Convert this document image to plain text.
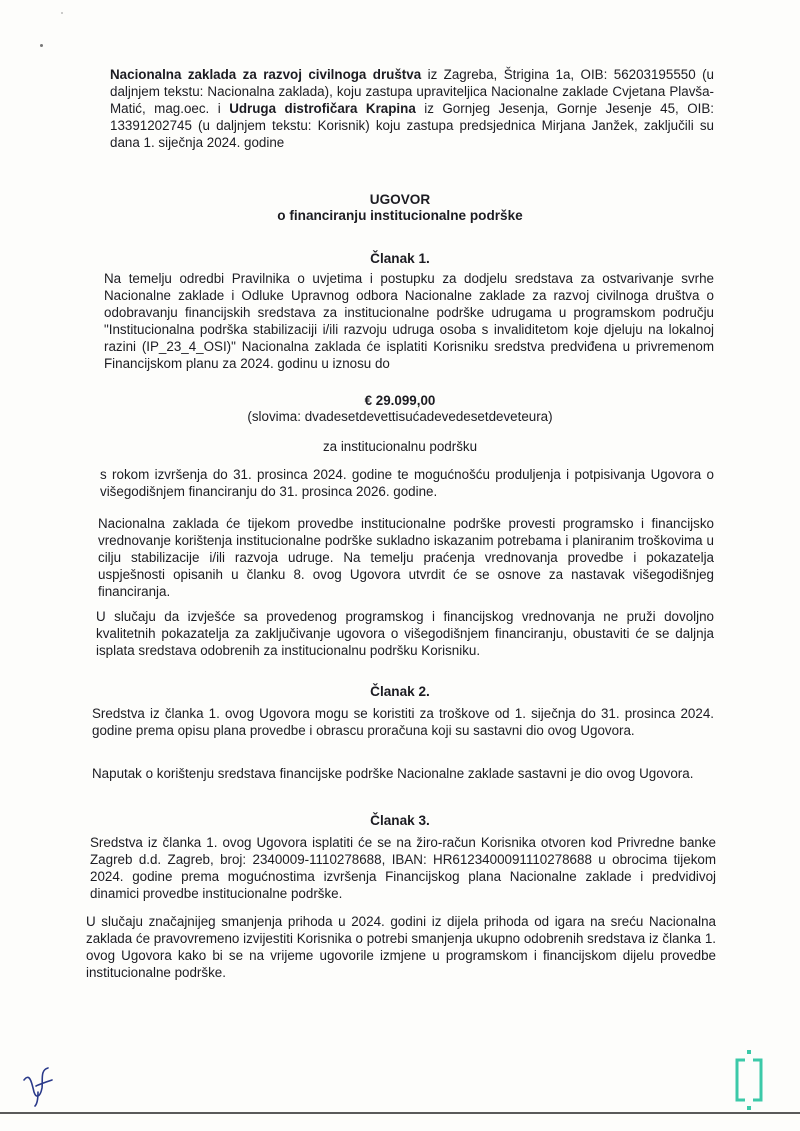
Nacionalna zaklada za razvoj civilnoga društva iz Zagreba, Štrigina 1a, OIB: 56203195550 (u daljnjem tekstu: Nacionalna zaklada), koju zastupa upraviteljica Nacionalne zaklade Cvjetana Plavša-Matić, mag.oec. i Udruga distrofičara Krapina iz Gornjeg Jesenja, Gornje Jesenje 45, OIB: 13391202745 (u daljnjem tekstu: Korisnik) koju zastupa predsjednica Mirjana Janžek, zaključili su dana 1. siječnja 2024. godine

UGOVOR

o financiranju institucionalne podrške

Članak 1.

Na temelju odredbi Pravilnika o uvjetima i postupku za dodjelu sredstava za ostvarivanje svrhe Nacionalne zaklade i Odluke Upravnog odbora Nacionalne zaklade za razvoj civilnoga društva o odobravanju financijskih sredstava za institucionalne podrške udrugama u programskom području "Institucionalna podrška stabilizaciji i/ili razvoju udruga osoba s invaliditetom koje djeluju na lokalnoj razini (IP_23_4_OSI)" Nacionalna zaklada će isplatiti Korisniku sredstva predviđena u privremenom Financijskom planu za 2024. godinu u iznosu do

€ 29.099,00

(slovima: dvadesetdevettisućadevedesetdeveteura)

za institucionalnu podršku

s rokom izvršenja do 31. prosinca 2024. godine te mogućnošću produljenja i potpisivanja Ugovora o višegodišnjem financiranju do 31. prosinca 2026. godine.

Nacionalna zaklada će tijekom provedbe institucionalne podrške provesti programsko i financijsko vrednovanje korištenja institucionalne podrške sukladno iskazanim potrebama i planiranim troškovima u cilju stabilizacije i/ili razvoja udruge. Na temelju praćenja vrednovanja provedbe i pokazatelja uspješnosti opisanih u članku 8. ovog Ugovora utvrdit će se osnove za nastavak višegodišnjeg financiranja.

U slučaju da izvješće sa provedenog programskog i financijskog vrednovanja ne pruži dovoljno kvalitetnih pokazatelja za zaključivanje ugovora o višegodišnjem financiranju, obustaviti će se daljnja isplata sredstava odobrenih za institucionalnu podršku Korisniku.

Članak 2.

Sredstva iz članka 1. ovog Ugovora mogu se koristiti za troškove od 1. siječnja do 31. prosinca 2024. godine prema opisu plana provedbe i obrascu proračuna koji su sastavni dio ovog Ugovora.

Naputak o korištenju sredstava financijske podrške Nacionalne zaklade sastavni je dio ovog Ugovora.

Članak 3.

Sredstva iz članka 1. ovog Ugovora isplatiti će se na žiro-račun Korisnika otvoren kod Privredne banke Zagreb d.d. Zagreb, broj: 2340009-1110278688, IBAN: HR6123400091110278688 u obrocima tijekom 2024. godine prema mogućnostima izvršenja Financijskog plana Nacionalne zaklade i predvidivoj dinamici provedbe institucionalne podrške.

U slučaju značajnijeg smanjenja prihoda u 2024. godini iz dijela prihoda od igara na sreću Nacionalna zaklada će pravovremeno izvijestiti Korisnika o potrebi smanjenja ukupno odobrenih sredstava iz članka 1. ovog Ugovora kako bi se na vrijeme ugovorile izmjene u programskom i financijskom dijelu provedbe institucionalne podrške.
